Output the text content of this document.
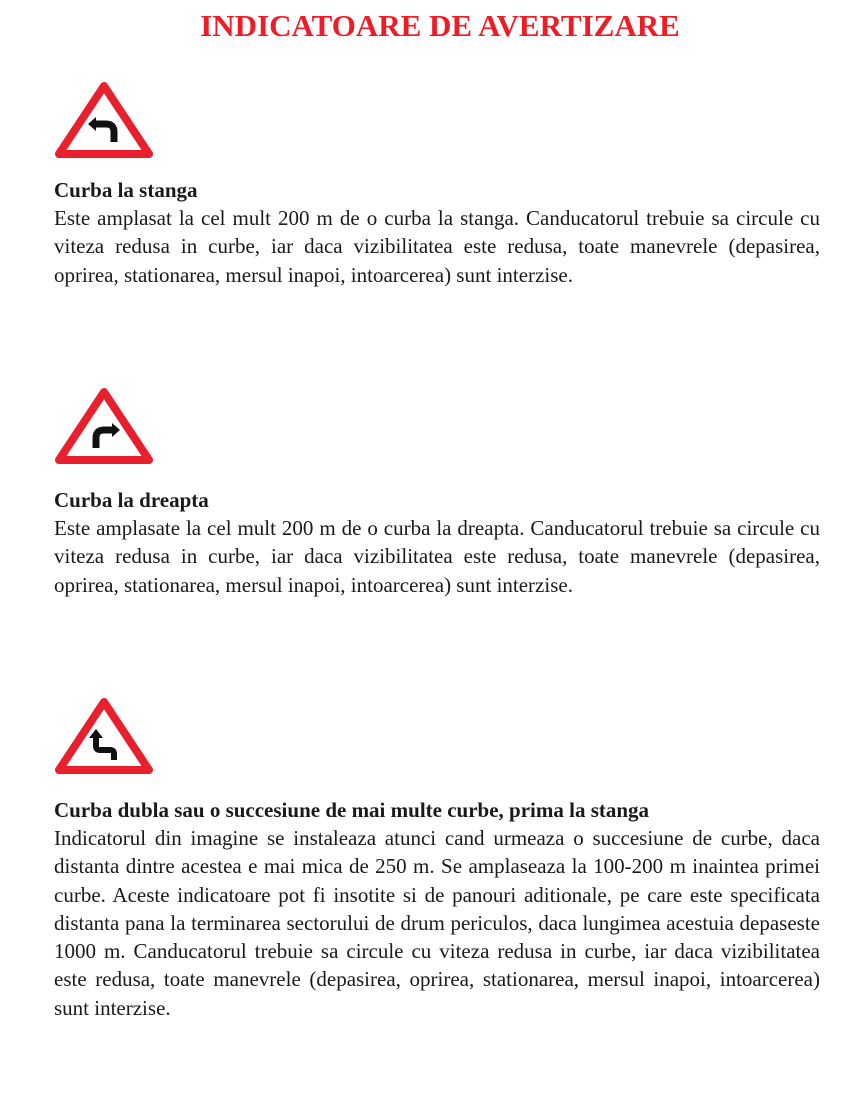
INDICATOARE DE AVERTIZARE

Curba la stanga

Este amplasat la cel mult 200 m de o curba la stanga. Canducatorul trebuie sa circule cu viteza redusa in curbe, iar daca vizibilitatea este redusa, toate manevrele (depasirea, oprirea, stationarea, mersul inapoi, intoarcerea) sunt interzise.

Curba la dreapta

Este amplasate la cel mult 200 m de o curba la dreapta. Canducatorul trebuie sa circule cu viteza redusa in curbe, iar daca vizibilitatea este redusa, toate manevrele (depasirea, oprirea, stationarea, mersul inapoi, intoarcerea) sunt interzise.

Curba dubla sau o succesiune de mai multe curbe, prima la stanga

Indicatorul din imagine se instaleaza atunci cand urmeaza o succesiune de curbe, daca distanta dintre acestea e mai mica de 250 m. Se amplaseaza la 100-200 m inaintea primei curbe. Aceste indicatoare pot fi insotite si de panouri aditionale, pe care este specificata distanta pana la terminarea sectorului de drum periculos, daca lungimea acestuia depaseste 1000 m. Canducatorul trebuie sa circule cu viteza redusa in curbe, iar daca vizibilitatea este redusa, toate manevrele (depasirea, oprirea, stationarea, mersul inapoi, intoarcerea) sunt interzise.
